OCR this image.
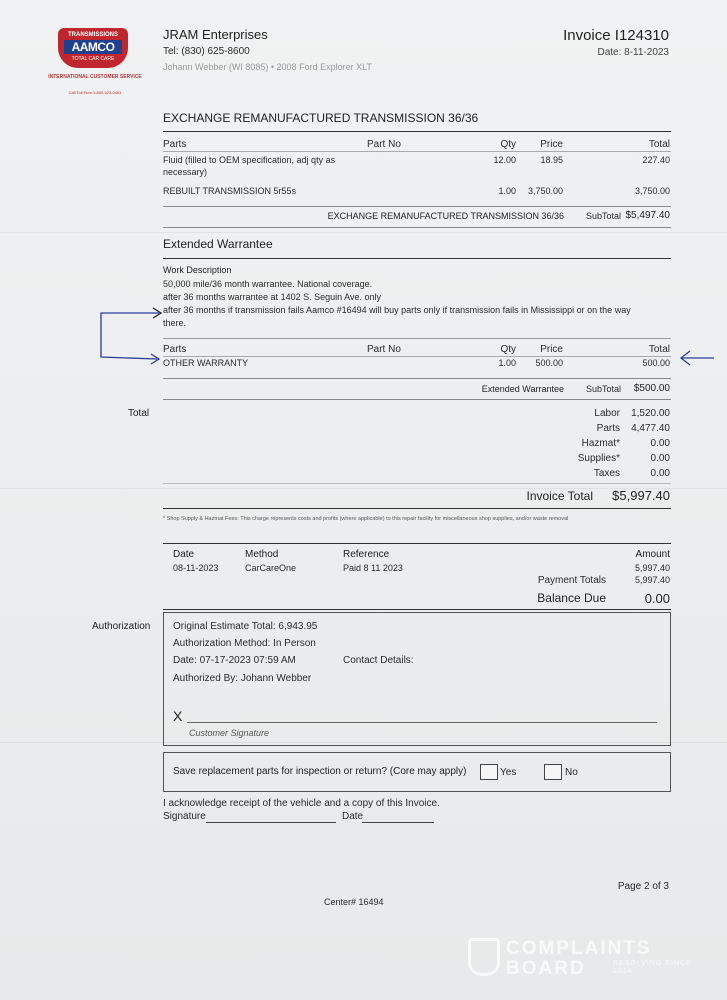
TRANSMISSIONS
AAMCO
TOTAL CAR CARE
INTERNATIONAL CUSTOMER SERVICE
Call Toll Free 1-800-523-0401
JRAM Enterprises
Tel: (830) 625-8600
Johann Webber (WI 8085) • 2008 Ford Explorer XLT
Invoice I124310
Date: 8-11-2023
EXCHANGE REMANUFACTURED TRANSMISSION 36/36
Parts	Part No	Qty Price	Total
Fluid (filled to OEM specification, adj qty as
necessary)
12.00	18.95	227.40
REBUILT TRANSMISSION 5r55s	1.00 3,750.00	3,750.00
EXCHANGE REMANUFACTURED TRANSMISSION 36/36 SubTotal $5,497.40
Extended Warrantee
Work Description
50,000 mile/36 month warrantee. National coverage.
after 36 months warrantee at 1402 S. Seguin Ave. only
after 36 months if transmission fails Aamco #16494 will buy parts only if transmission fails in Mississippi or on the way
there.
Parts	Part No	Qty Price	Total
OTHER WARRANTY	1.00 500.00	500.00
Extended Warrantee SubTotal $500.00
Total	Labor 1,520.00
Parts 4,477.40
Hazmat*	0.00
Supplies*	0.00
Taxes	0.00
Invoice Total $5,997.40
* Shop Supply & Hazmat Fees: This charge represents costs and profits (where applicable) to this repair facility for miscellaneous shop supplies, and/or waste removal
Date	Method	Reference	Amount
08-11-2023	CarCareOne	Paid 8 11 2023	5,997.40
Payment Totals	5,997.40
Balance Due	0.00
Authorization Original Estimate Total: 6,943.95
Authorization Method: In Person
Date: 07-17-2023 07:59 AM	Contact Details:
Authorized By: Johann Webber
X
Customer Signature
Save replacement parts for inspection or return? (Core may apply)	Yes	No
I acknowledge receipt of the vehicle and a copy of this Invoice.
Signature	Date
Page 2 of 3
Center# 16494
COMPLAINTS
BOARD	RESOLVING SINCE 2014
